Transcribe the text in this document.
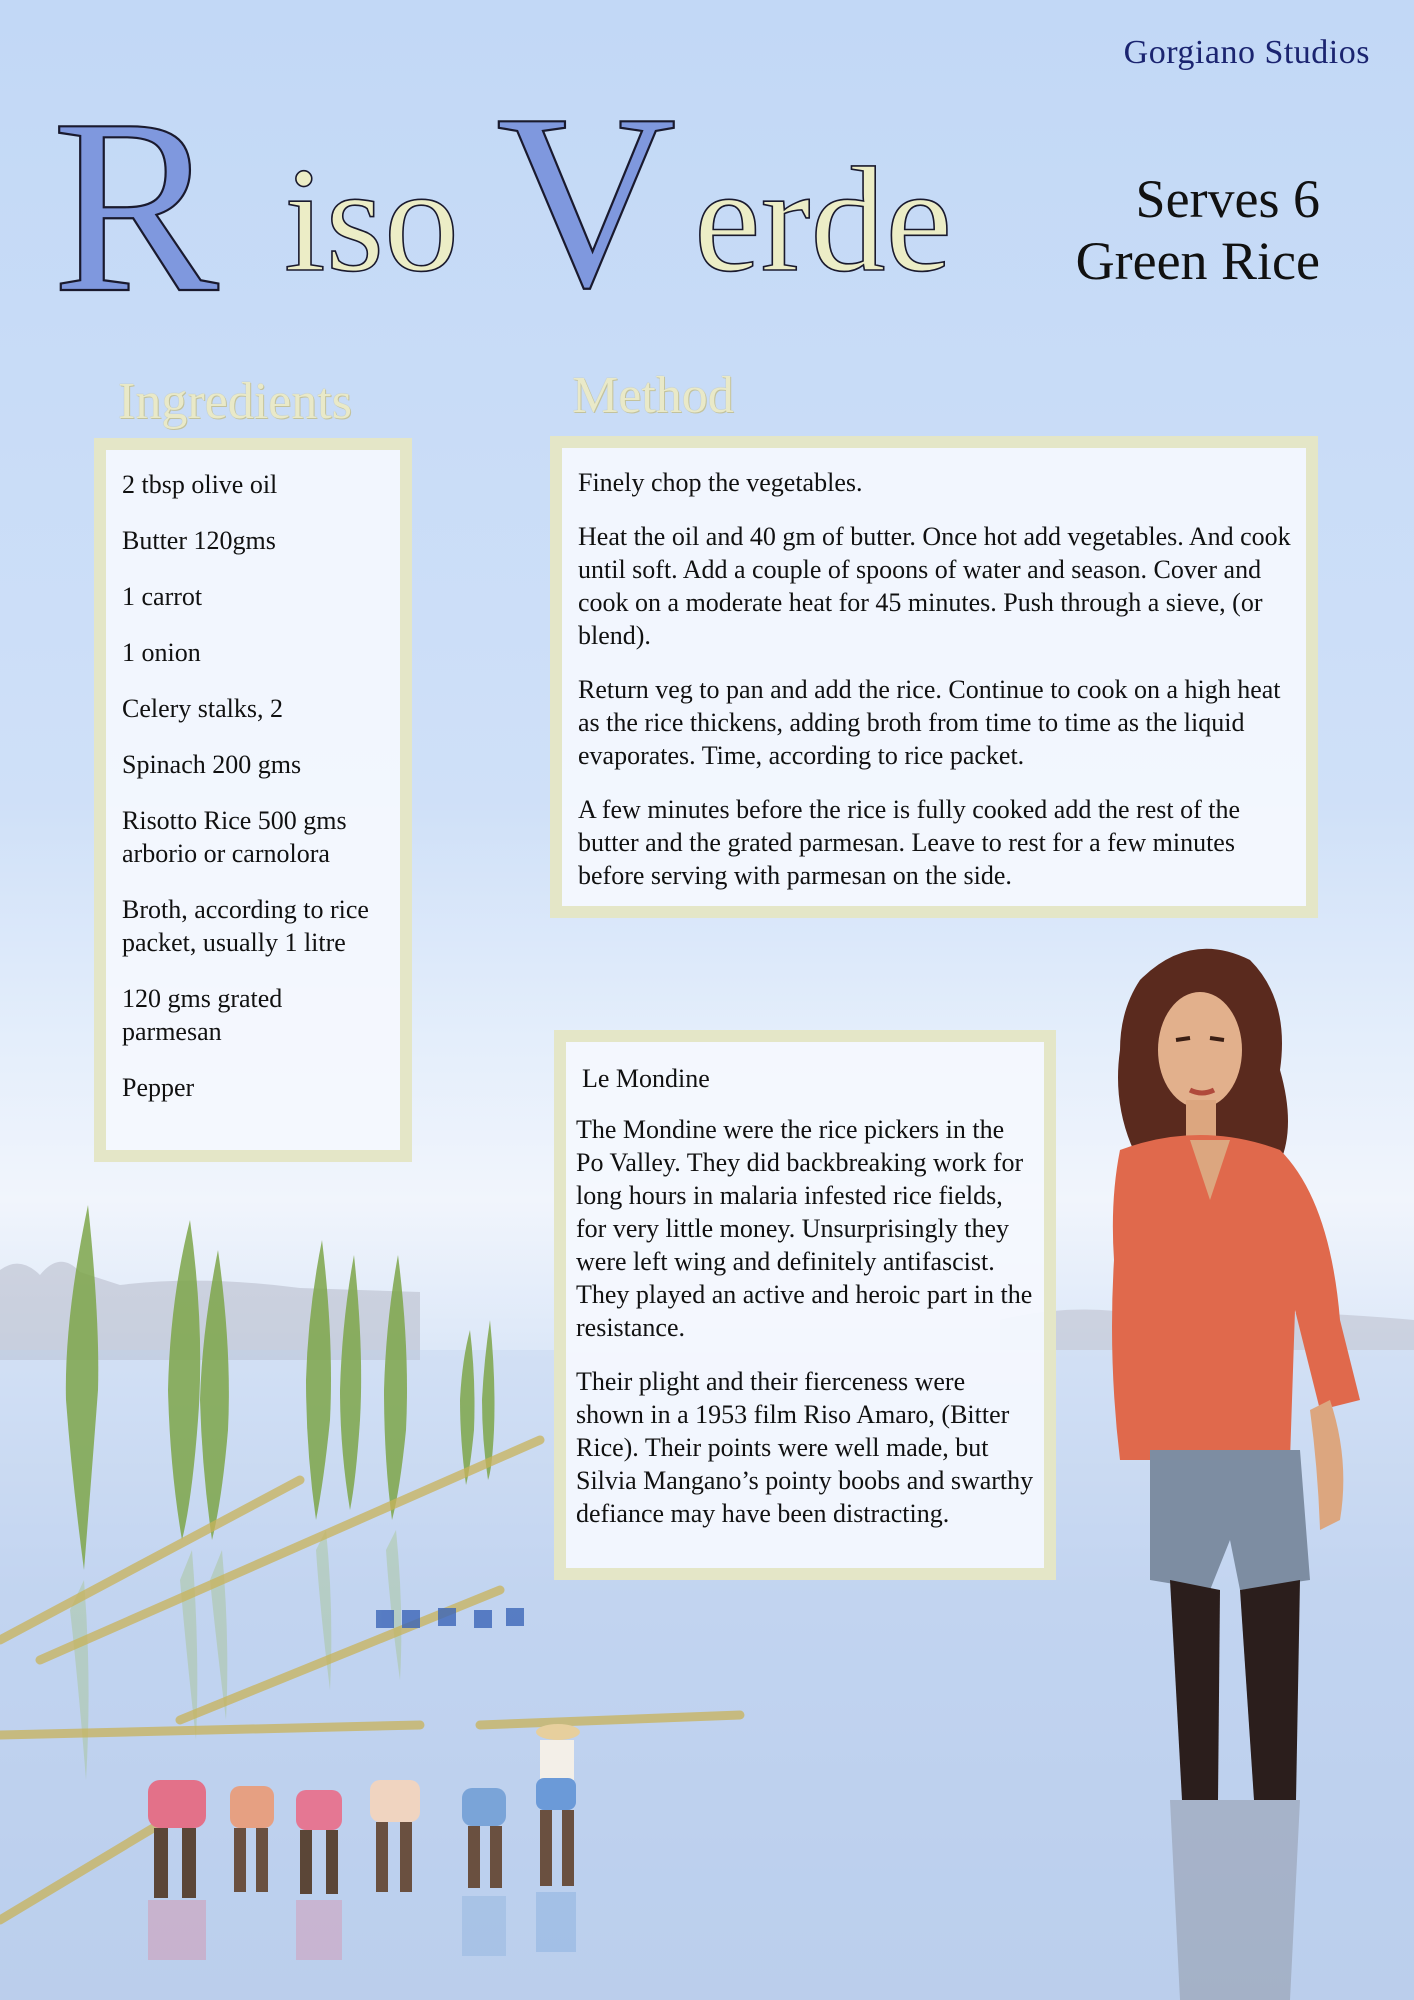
Gorgiano Studios
R iso V erde	Serves 6
Green Rice
Ingredients

2 tbsp olive oil

Butter 120gms

1 carrot

1 onion

Celery stalks, 2

Spinach 200 gms

Risotto Rice 500 gms arborio or carnolora

Broth, according to rice packet, usually 1 litre

120 gms grated parmesan

Pepper

Method

Finely chop the vegetables.

Heat the oil and 40 gm of butter. Once hot add vegetables. And cook until soft. Add a couple of spoons of water and season. Cover and cook on a moderate heat for 45 minutes. Push through a sieve, (or blend).

Return veg to pan and add the rice. Continue to cook on a high heat as the rice thickens, adding broth from time to time as the liquid evaporates. Time, according to rice packet.

A few minutes before the rice is fully cooked add the rest of the butter and the grated parmesan. Leave to rest for a few minutes before serving with parmesan on the side.

Le Mondine

The Mondine were the rice pickers in the Po Valley. They did backbreaking work for long hours in malaria infested rice fields, for very little money. Unsurprisingly they were left wing and definitely antifascist. They played an active and heroic part in the resistance.

Their plight and their fierceness were shown in a 1953 film Riso Amaro, (Bitter Rice). Their points were well made, but Silvia Mangano’s pointy boobs and swarthy defiance may have been distracting.
